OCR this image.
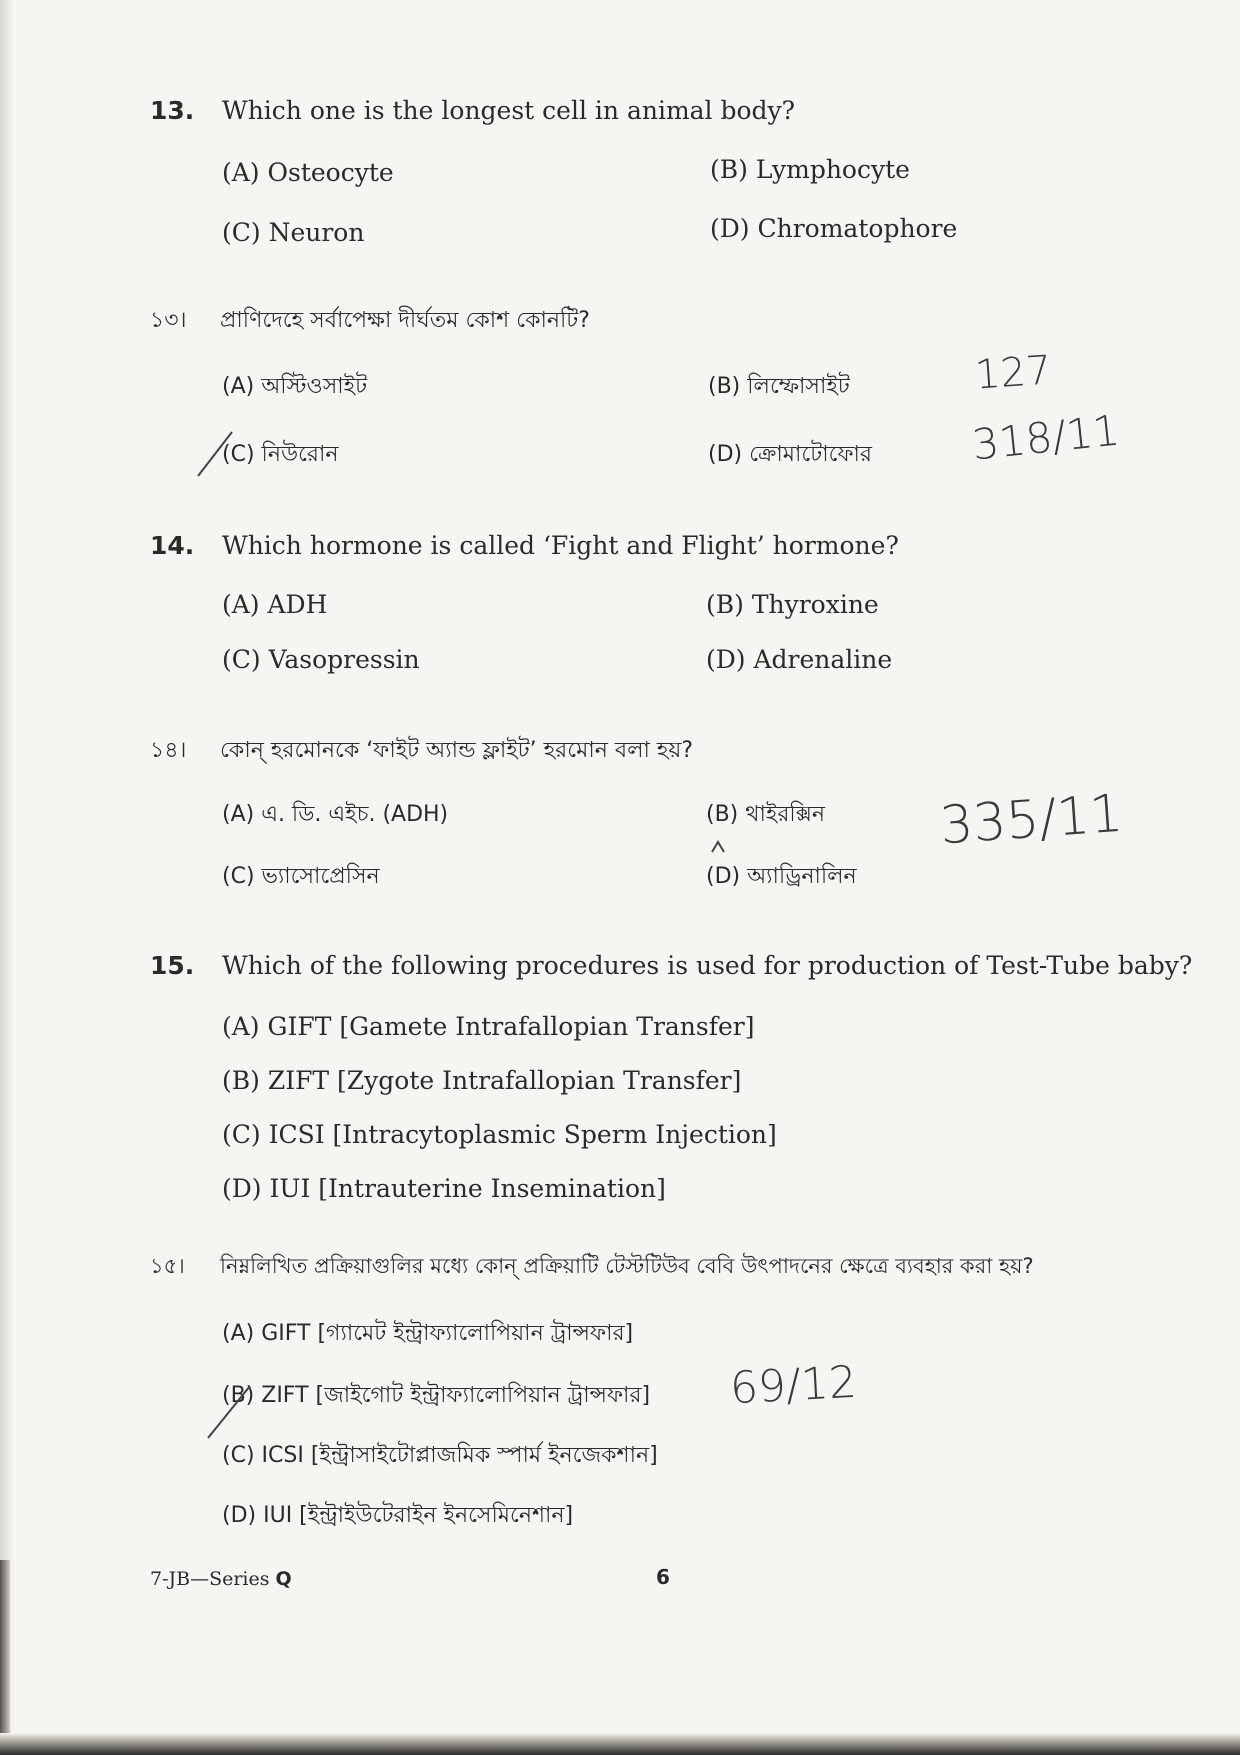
13. Which one is the longest cell in animal body?
(A) Osteocyte	(B) Lymphocyte
(C) Neuron	(D) Chromatophore
১৩। প্রাণিদেহে সর্বাপেক্ষা দীর্ঘতম কোশ কোনটি?
(A) অস্টিওসাইট	(B) লিম্ফোসাইট
(C) নিউরোন	(D) ক্রোমাটোফোর
14. Which hormone is called ‘Fight and Flight’ hormone?
(A) ADH	(B) Thyroxine
(C) Vasopressin	(D) Adrenaline
১৪। কোন্ হরমোনকে ‘ফাইট অ্যান্ড ফ্লাইট’ হরমোন বলা হয়?
(A) এ. ডি. এইচ. (ADH)	(B) থাইরক্সিন
(C) ভ্যাসোপ্রেসিন	(D) অ্যাড্রিনালিন
15. Which of the following procedures is used for production of Test-Tube baby?
(A) GIFT [Gamete Intrafallopian Transfer]
(B) ZIFT [Zygote Intrafallopian Transfer]
(C) ICSI [Intracytoplasmic Sperm Injection]
(D) IUI [Intrauterine Insemination]
১৫। নিম্নলিখিত প্রক্রিয়াগুলির মধ্যে কোন্ প্রক্রিয়াটি টেস্টটিউব বেবি উৎপাদনের ক্ষেত্রে ব্যবহার করা হয়?
(A) GIFT [গ্যামেট ইন্ট্রাফ্যালোপিয়ান ট্রান্সফার]
(B) ZIFT [জাইগোট ইন্ট্রাফ্যালোপিয়ান ট্রান্সফার]
(C) ICSI [ইন্ট্রাসাইটোপ্লাজমিক স্পার্ম ইনজেকশান]
(D) IUI [ইন্ট্রাইউটেরাইন ইনসেমিনেশান]
127
318/11
335/11
69/12
7-JB—Series Q	6
